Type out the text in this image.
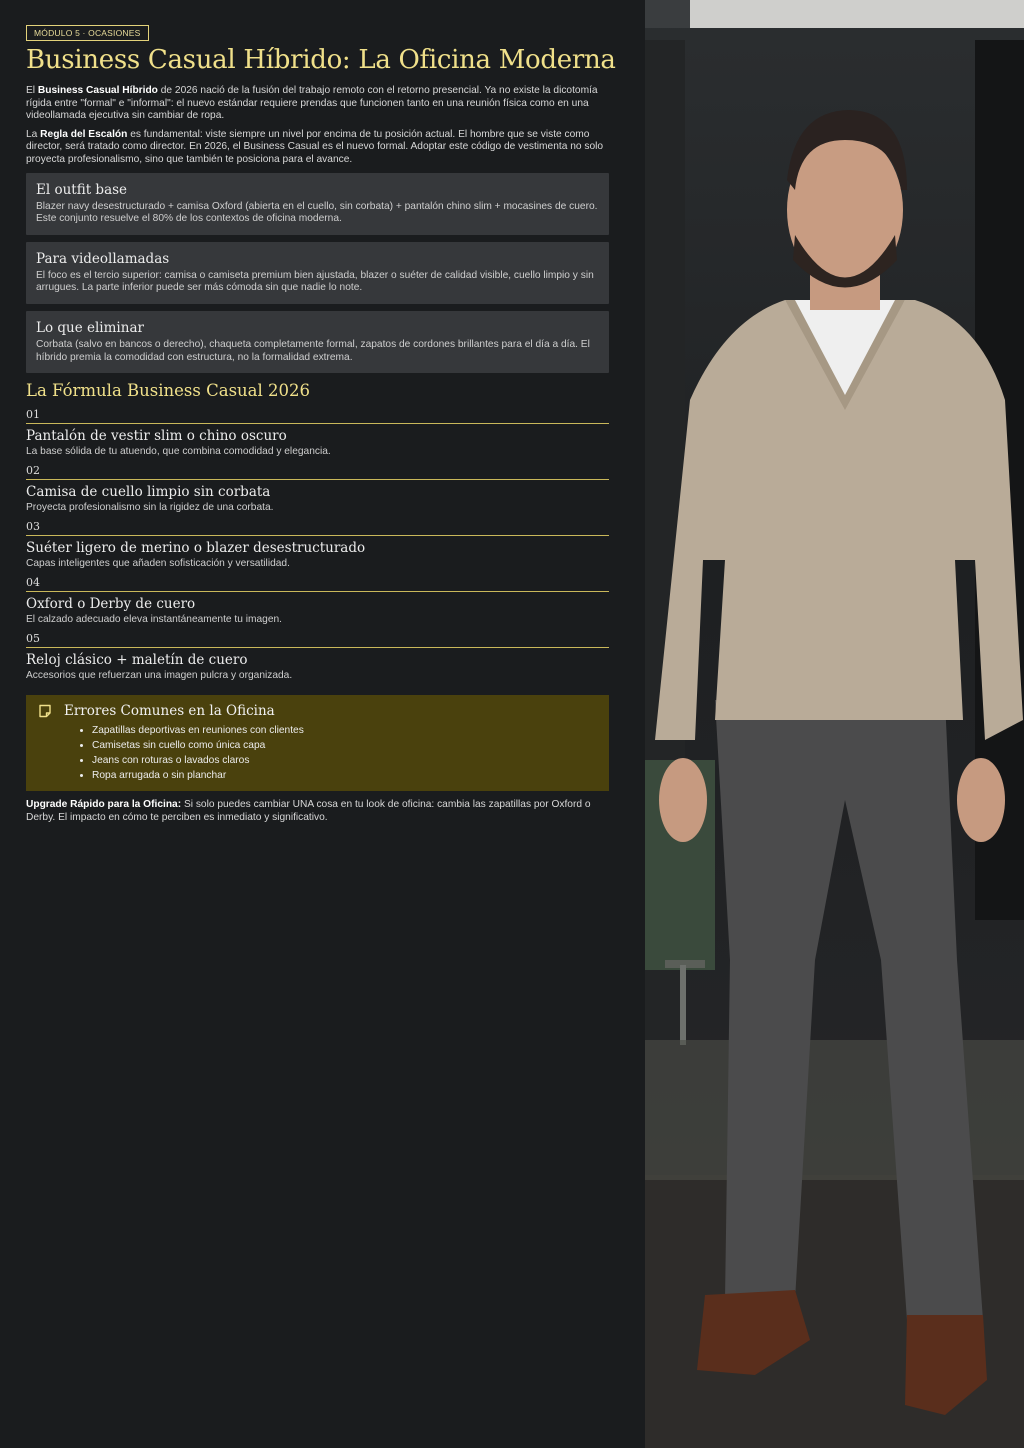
MÓDULO 5 · OCASIONES
Business Casual Híbrido: La Oficina Moderna

El Business Casual Híbrido de 2026 nació de la fusión del trabajo remoto con el retorno presencial. Ya no existe la dicotomía rígida entre "formal" e "informal": el nuevo estándar requiere prendas que funcionen tanto en una reunión física como en una videollamada ejecutiva sin cambiar de ropa.

La Regla del Escalón es fundamental: viste siempre un nivel por encima de tu posición actual. El hombre que se viste como director, será tratado como director. En 2026, el Business Casual es el nuevo formal. Adoptar este código de vestimenta no solo proyecta profesionalismo, sino que también te posiciona para el avance.

El outfit base
Blazer navy desestructurado + camisa Oxford (abierta en el cuello, sin corbata) + pantalón chino slim + mocasines de cuero. Este conjunto resuelve el 80% de los contextos de oficina moderna.
Para videollamadas
El foco es el tercio superior: camisa o camiseta premium bien ajustada, blazer o suéter de calidad visible, cuello limpio y sin arrugues. La parte inferior puede ser más cómoda sin que nadie lo note.
Lo que eliminar
Corbata (salvo en bancos o derecho), chaqueta completamente formal, zapatos de cordones brillantes para el día a día. El híbrido premia la comodidad con estructura, no la formalidad extrema.
La Fórmula Business Casual 2026
01
Pantalón de vestir slim o chino oscuro
La base sólida de tu atuendo, que combina comodidad y elegancia.
02
Camisa de cuello limpio sin corbata
Proyecta profesionalismo sin la rigidez de una corbata.
03
Suéter ligero de merino o blazer desestructurado
Capas inteligentes que añaden sofisticación y versatilidad.
04
Oxford o Derby de cuero
El calzado adecuado eleva instantáneamente tu imagen.
05
Reloj clásico + maletín de cuero
Accesorios que refuerzan una imagen pulcra y organizada.
Errores Comunes en la Oficina
• Zapatillas deportivas en reuniones con clientes
• Camisetas sin cuello como única capa
• Jeans con roturas o lavados claros
• Ropa arrugada o sin planchar

Upgrade Rápido para la Oficina: Si solo puedes cambiar UNA cosa en tu look de oficina: cambia las zapatillas por Oxford o Derby. El impacto en cómo te perciben es inmediato y significativo.
